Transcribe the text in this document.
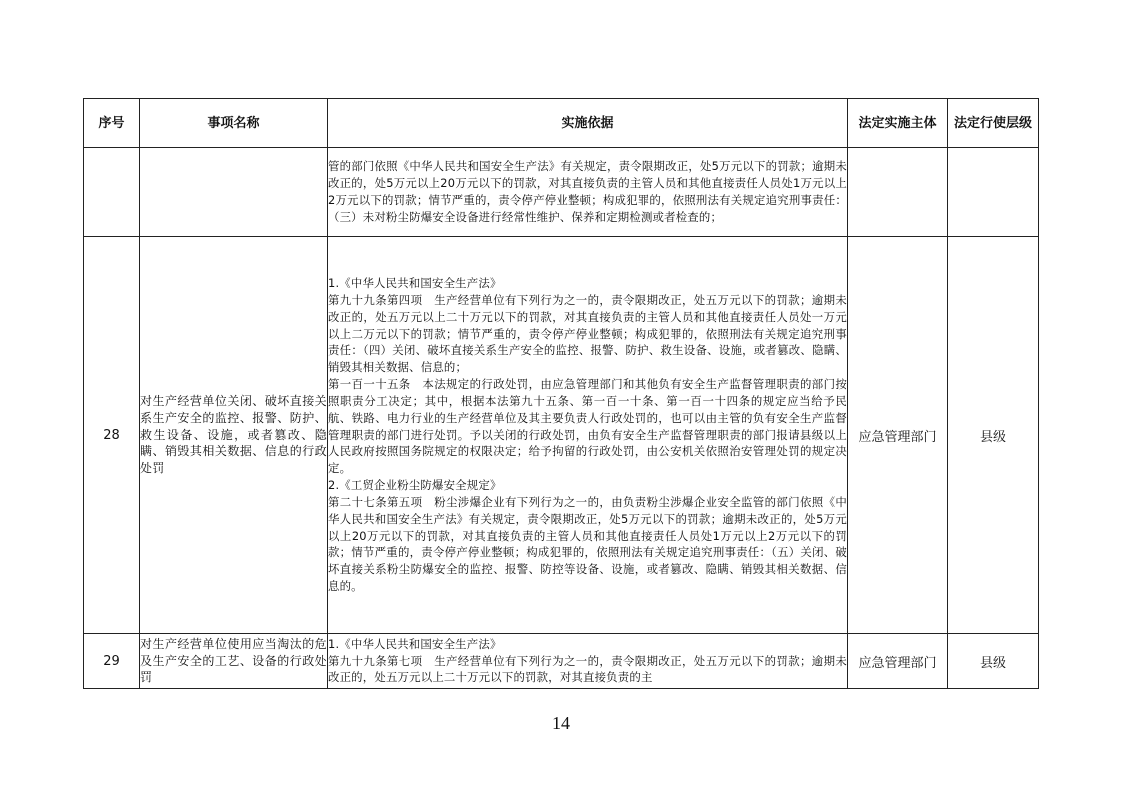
序号	事项名称	实施依据	法定实施主体	法定行使层级

		管的部门依照《中华人民共和国安全生产法》有关规定，责令限期改正，处5万元以下的罚款；逾期未改正的，处5万元以上20万元以下的罚款，对其直接负责的主管人员和其他直接责任人员处1万元以上2万元以下的罚款；情节严重的，责令停产停业整顿；构成犯罪的，依照刑法有关规定追究刑事责任：（三）未对粉尘防爆安全设备进行经常性维护、保养和定期检测或者检查的；		

28	对生产经营单位关闭、破坏直接关系生产安全的监控、报警、防护、救生设备、设施，或者篡改、隐瞒、销毁其相关数据、信息的行政处罚	1.《中华人民共和国安全生产法》
第九十九条第四项　生产经营单位有下列行为之一的，责令限期改正，处五万元以下的罚款；逾期未改正的，处五万元以上二十万元以下的罚款，对其直接负责的主管人员和其他直接责任人员处一万元以上二万元以下的罚款；情节严重的，责令停产停业整顿；构成犯罪的，依照刑法有关规定追究刑事责任：（四）关闭、破坏直接关系生产安全的监控、报警、防护、救生设备、设施，或者篡改、隐瞒、销毁其相关数据、信息的；
第一百一十五条　本法规定的行政处罚，由应急管理部门和其他负有安全生产监督管理职责的部门按照职责分工决定；其中，根据本法第九十五条、第一百一十条、第一百一十四条的规定应当给予民航、铁路、电力行业的生产经营单位及其主要负责人行政处罚的，也可以由主管的负有安全生产监督管理职责的部门进行处罚。予以关闭的行政处罚，由负有安全生产监督管理职责的部门报请县级以上人民政府按照国务院规定的权限决定；给予拘留的行政处罚，由公安机关依照治安管理处罚的规定决定。
2.《工贸企业粉尘防爆安全规定》
第二十七条第五项　粉尘涉爆企业有下列行为之一的，由负责粉尘涉爆企业安全监管的部门依照《中华人民共和国安全生产法》有关规定，责令限期改正，处5万元以下的罚款；逾期未改正的，处5万元以上20万元以下的罚款，对其直接负责的主管人员和其他直接责任人员处1万元以上2万元以下的罚款；情节严重的，责令停产停业整顿；构成犯罪的，依照刑法有关规定追究刑事责任：（五）关闭、破坏直接关系粉尘防爆安全的监控、报警、防控等设备、设施，或者篡改、隐瞒、销毁其相关数据、信息的。	应急管理部门	县级
29	对生产经营单位使用应当淘汰的危及生产安全的工艺、设备的行政处罚	1.《中华人民共和国安全生产法》
第九十九条第七项　生产经营单位有下列行为之一的，责令限期改正，处五万元以下的罚款；逾期未改正的，处五万元以上二十万元以下的罚款，对其直接负责的主	应急管理部门	县级
14
